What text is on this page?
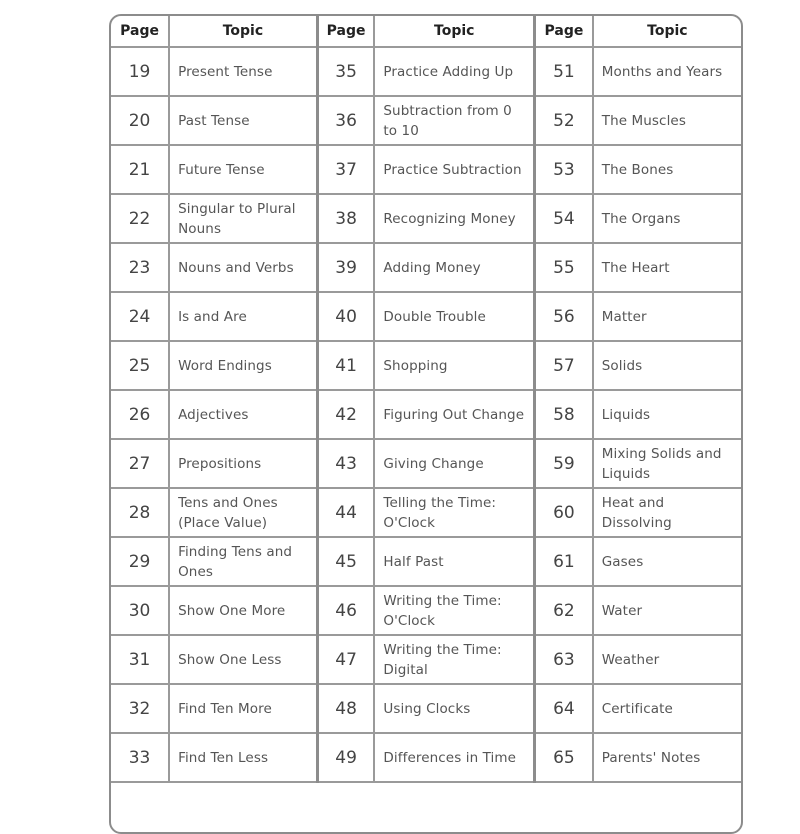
Page	Topic	Page	Topic	Page	Topic
19	Present Tense	35	Practice Adding Up	51	Months and Years
20	Past Tense	36	Subtraction from 0 to 10	52	The Muscles
21	Future Tense	37	Practice Subtraction	53	The Bones
22	Singular to Plural Nouns	38	Recognizing Money	54	The Organs
23	Nouns and Verbs	39	Adding Money	55	The Heart
24	Is and Are	40	Double Trouble	56	Matter
25	Word Endings	41	Shopping	57	Solids
26	Adjectives	42	Figuring Out Change	58	Liquids
27	Prepositions	43	Giving Change	59	Mixing Solids and Liquids
28	Tens and Ones (Place Value)	44	Telling the Time: O'Clock	60	Heat and Dissolving
29	Finding Tens and Ones	45	Half Past	61	Gases
30	Show One More	46	Writing the Time: O'Clock	62	Water
31	Show One Less	47	Writing the Time: Digital	63	Weather
32	Find Ten More	48	Using Clocks	64	Certificate
33	Find Ten Less	49	Differences in Time	65	Parents' Notes
